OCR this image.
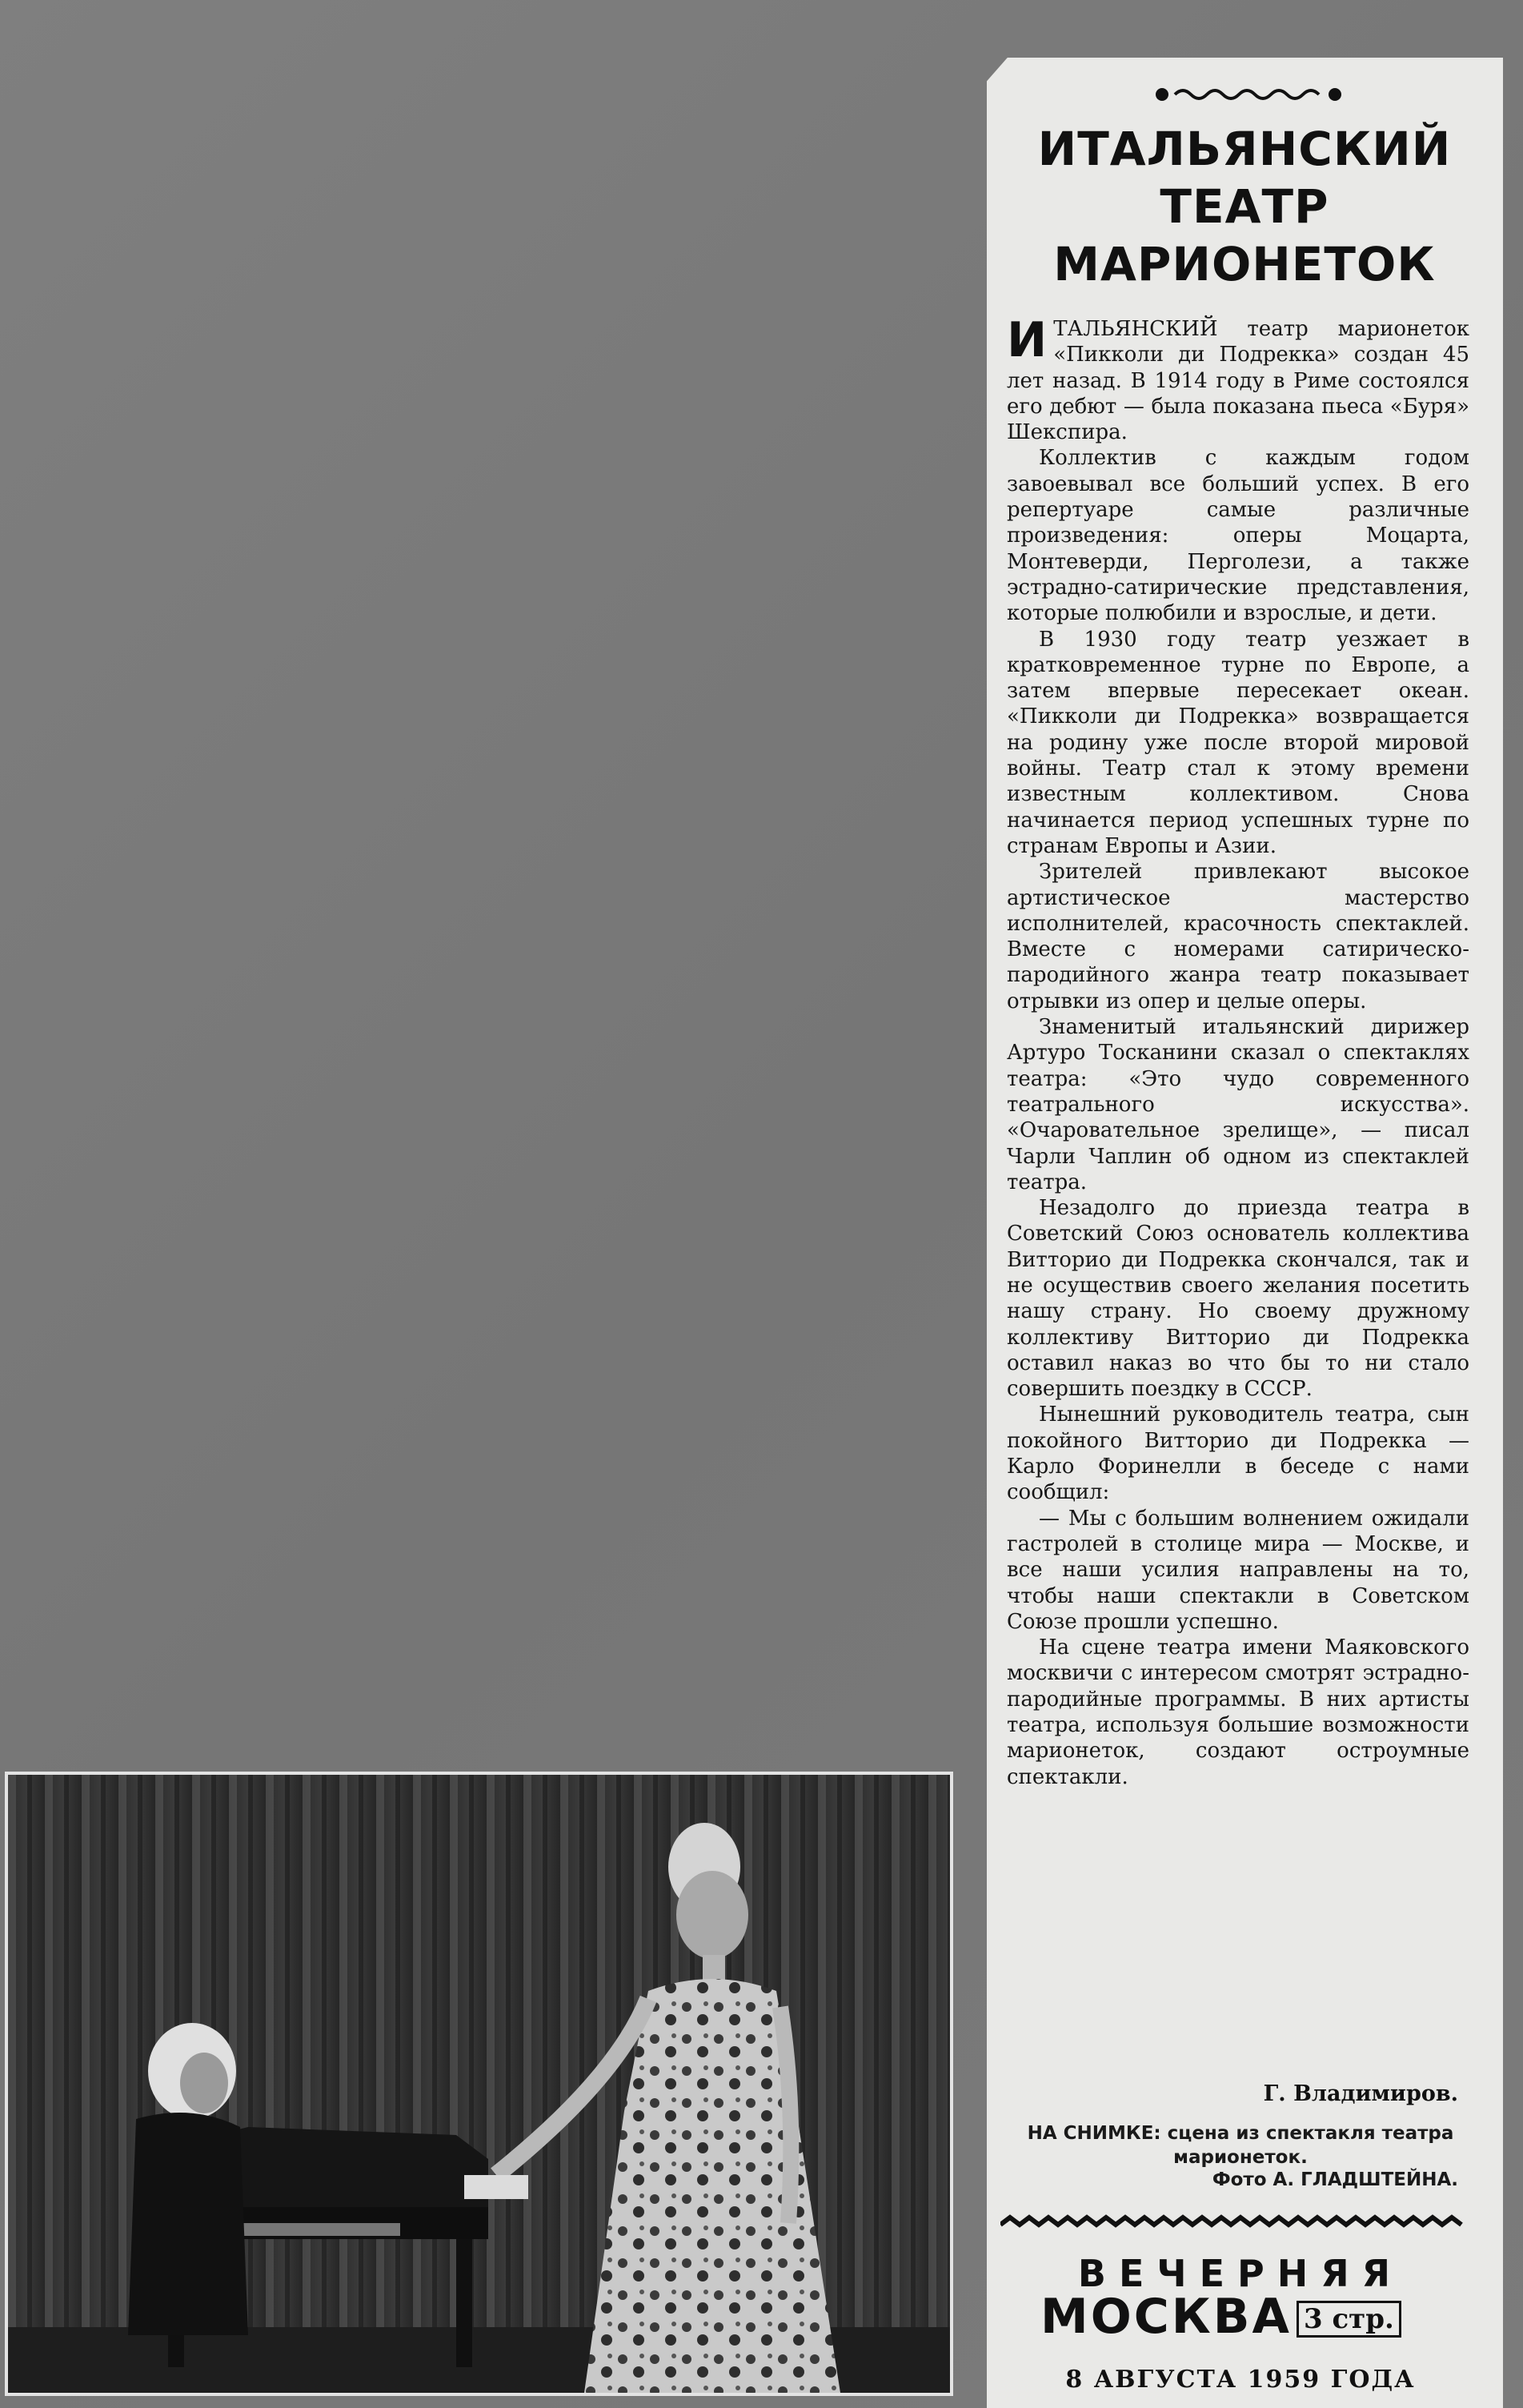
ИТАЛЬЯНСКИЙ
ТЕАТР
МАРИОНЕТОК

ИТАЛЬЯНСКИЙ театр марионеток «Пикколи ди Подрекка» создан 45 лет назад. В 1914 году в Риме состоялся его дебют — была показана пьеса «Буря» Шекспира.

Коллектив с каждым годом завоевывал все больший успех. В его репертуаре самые различные произведения: оперы Моцарта, Монтеверди, Перголези, а также эстрадно-сатирические представления, которые полюбили и взрослые, и дети.

В 1930 году театр уезжает в кратковременное турне по Европе, а затем впервые пересекает океан. «Пикколи ди Подрекка» возвращается на родину уже после второй мировой войны. Театр стал к этому времени известным коллективом. Снова начинается период успешных турне по странам Европы и Азии.

Зрителей привлекают высокое артистическое мастерство исполнителей, красочность спектаклей. Вместе с номерами сатирическо-пародийного жанра театр показывает отрывки из опер и целые оперы.

Знаменитый итальянский дирижер Артуро Тосканини сказал о спектаклях театра: «Это чудо современного театрального искусства». «Очаровательное зрелище», — писал Чарли Чаплин об одном из спектаклей театра.

Незадолго до приезда театра в Советский Союз основатель коллектива Витторио ди Подрекка скончался, так и не осуществив своего желания посетить нашу страну. Но своему дружному коллективу Витторио ди Подрекка оставил наказ во что бы то ни стало совершить поездку в СССР.

Нынешний руководитель театра, сын покойного Витторио ди Подрекка — Карло Форинелли в беседе с нами сообщил:

— Мы с большим волнением ожидали гастролей в столице мира — Москве, и все наши усилия направлены на то, чтобы наши спектакли в Советском Союзе прошли успешно.

На сцене театра имени Маяковского москвичи с интересом смотрят эстрадно-пародийные программы. В них артисты театра, используя большие возможности марионеток, создают остроумные спектакли.

Г. Владимиров.
НА СНИМКЕ: сцена из спектакля театра марионеток.
Фото А. ГЛАДШТЕЙНА.
ВЕЧЕРНЯЯ
МОСКВА 3 стр.
8 АВГУСТА 1959 ГОДА
